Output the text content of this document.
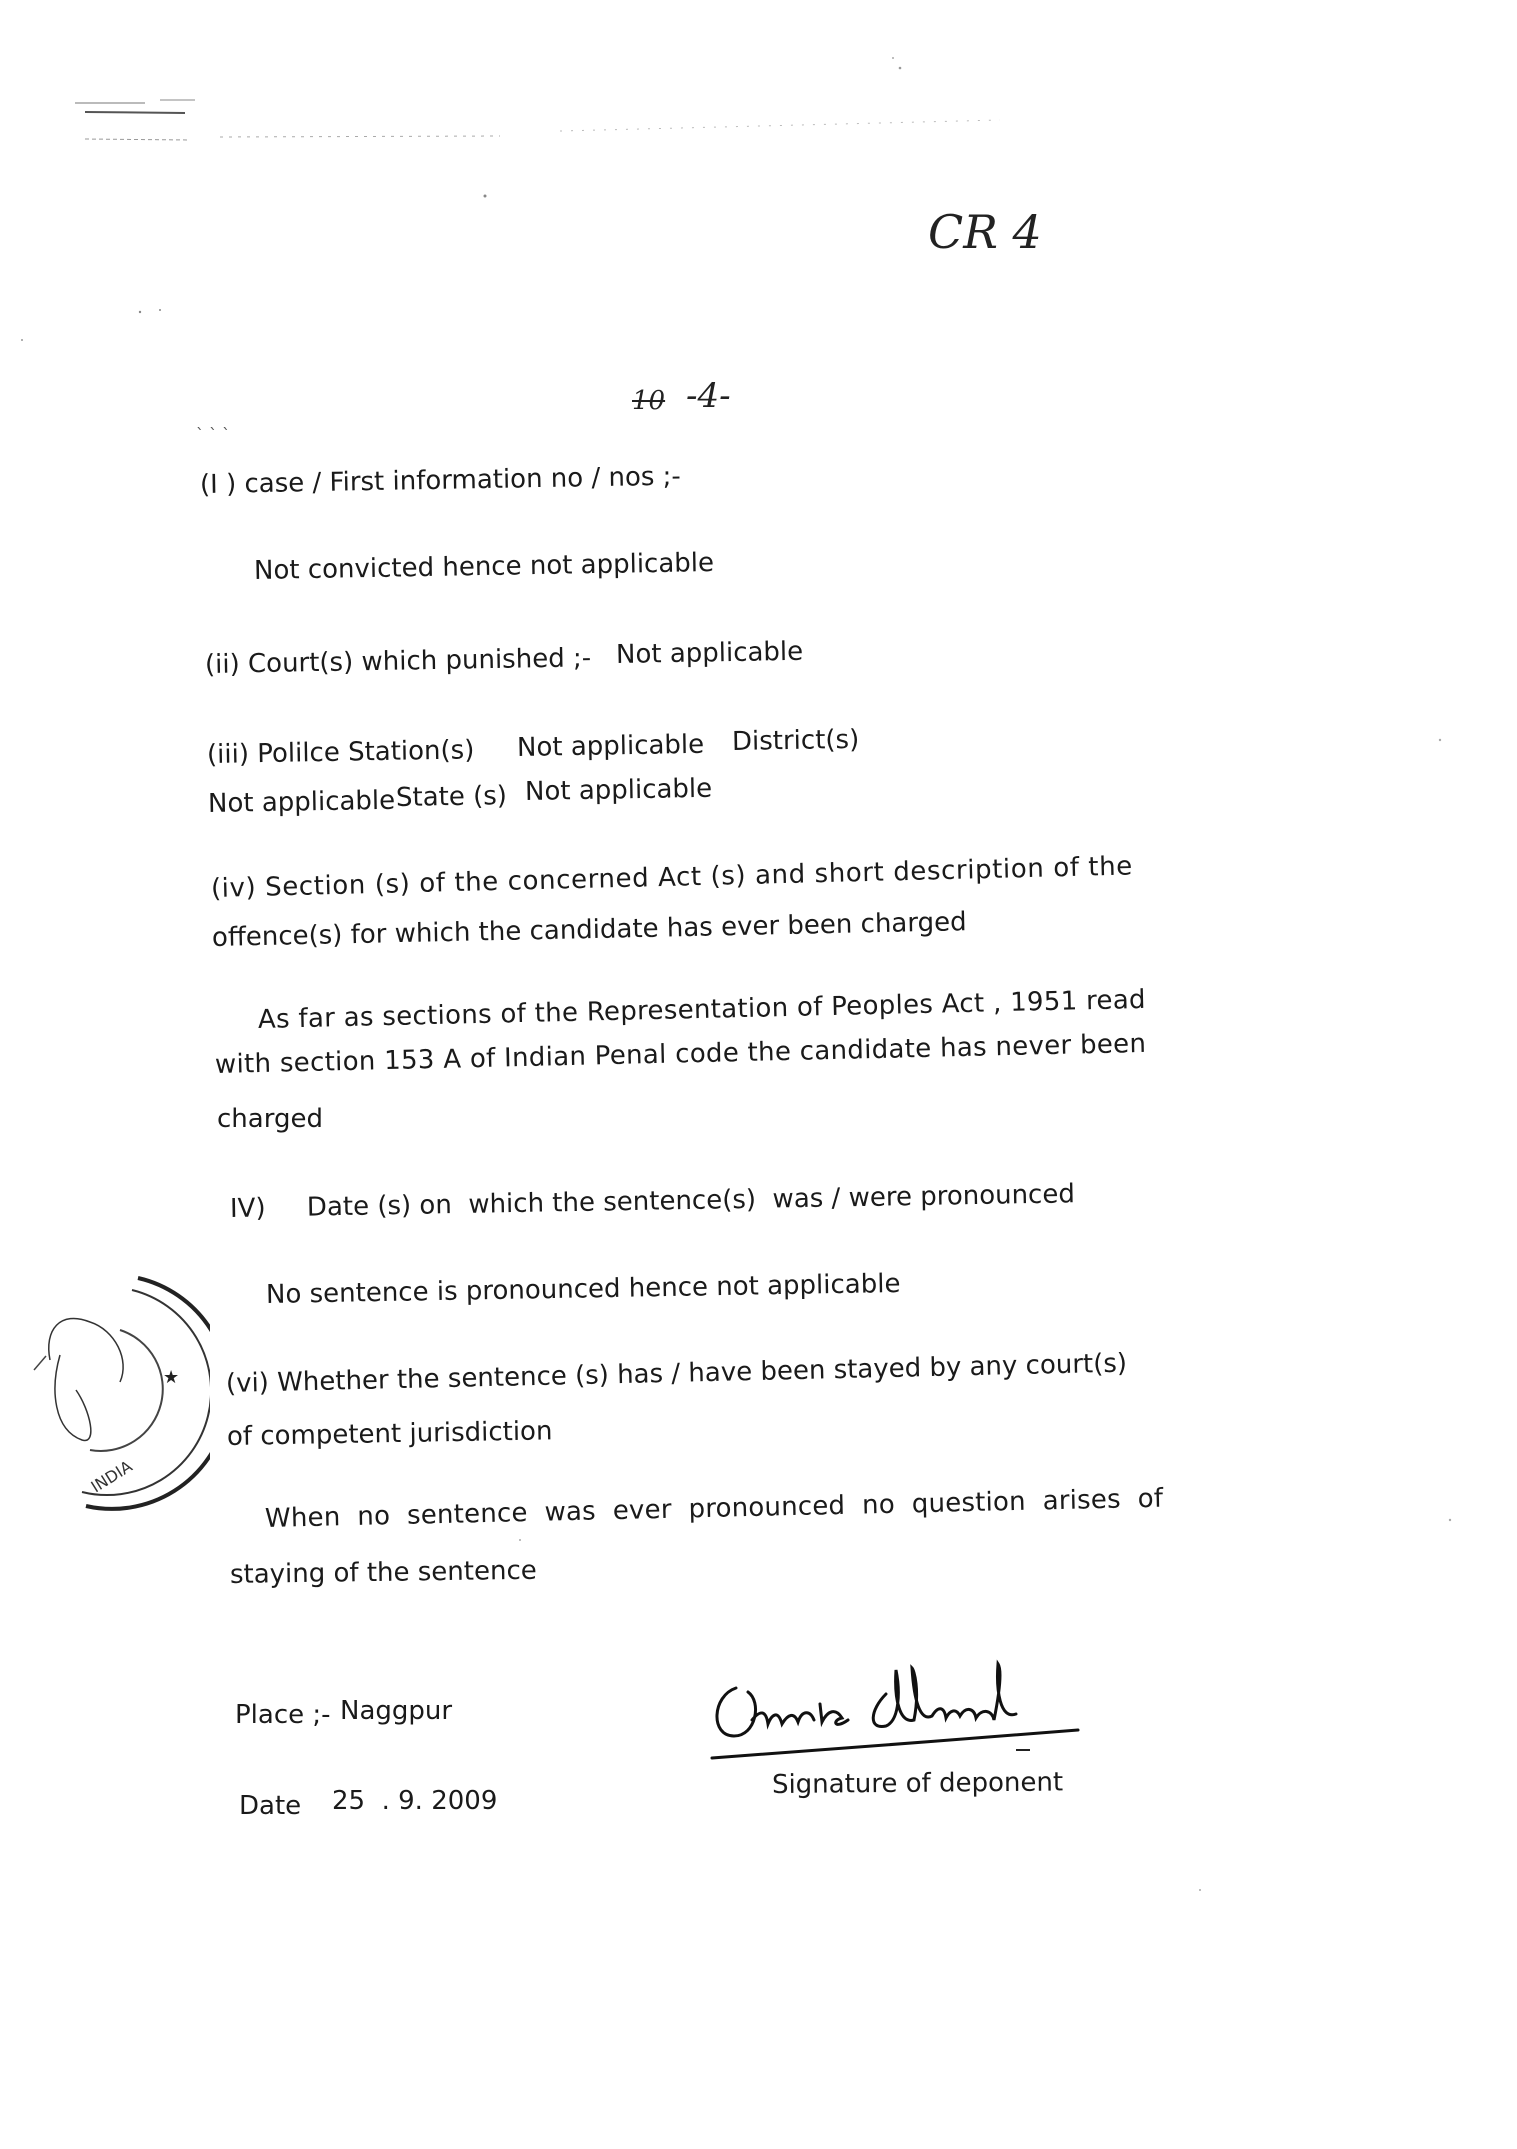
CR 4
10 -4-
` ` `
(I ) case / First information no / nos ;-
Not convicted hence not applicable
(ii) Court(s) which punished ;- Not applicable
(iii) Polilce Station(s) Not applicable District(s)
Not applicable State (s) Not applicable
(iv) Section (s) of the concerned Act (s) and short description of the
offence(s) for which the candidate has ever been charged
As far as sections of the Representation of Peoples Act , 1951 read
with section 153 A of Indian Penal code the candidate has never been
charged
IV)     Date (s) on  which the sentence(s)  was / were pronounced
No sentence is pronounced hence not applicable
(vi) Whether the sentence (s) has / have been stayed by any court(s)
of competent jurisdiction
When  no  sentence  was  ever  pronounced  no  question  arises  of
staying of the sentence
★
INDIA
Place ;- Naggpur
Date 25  . 9. 2009
Signature of deponent
